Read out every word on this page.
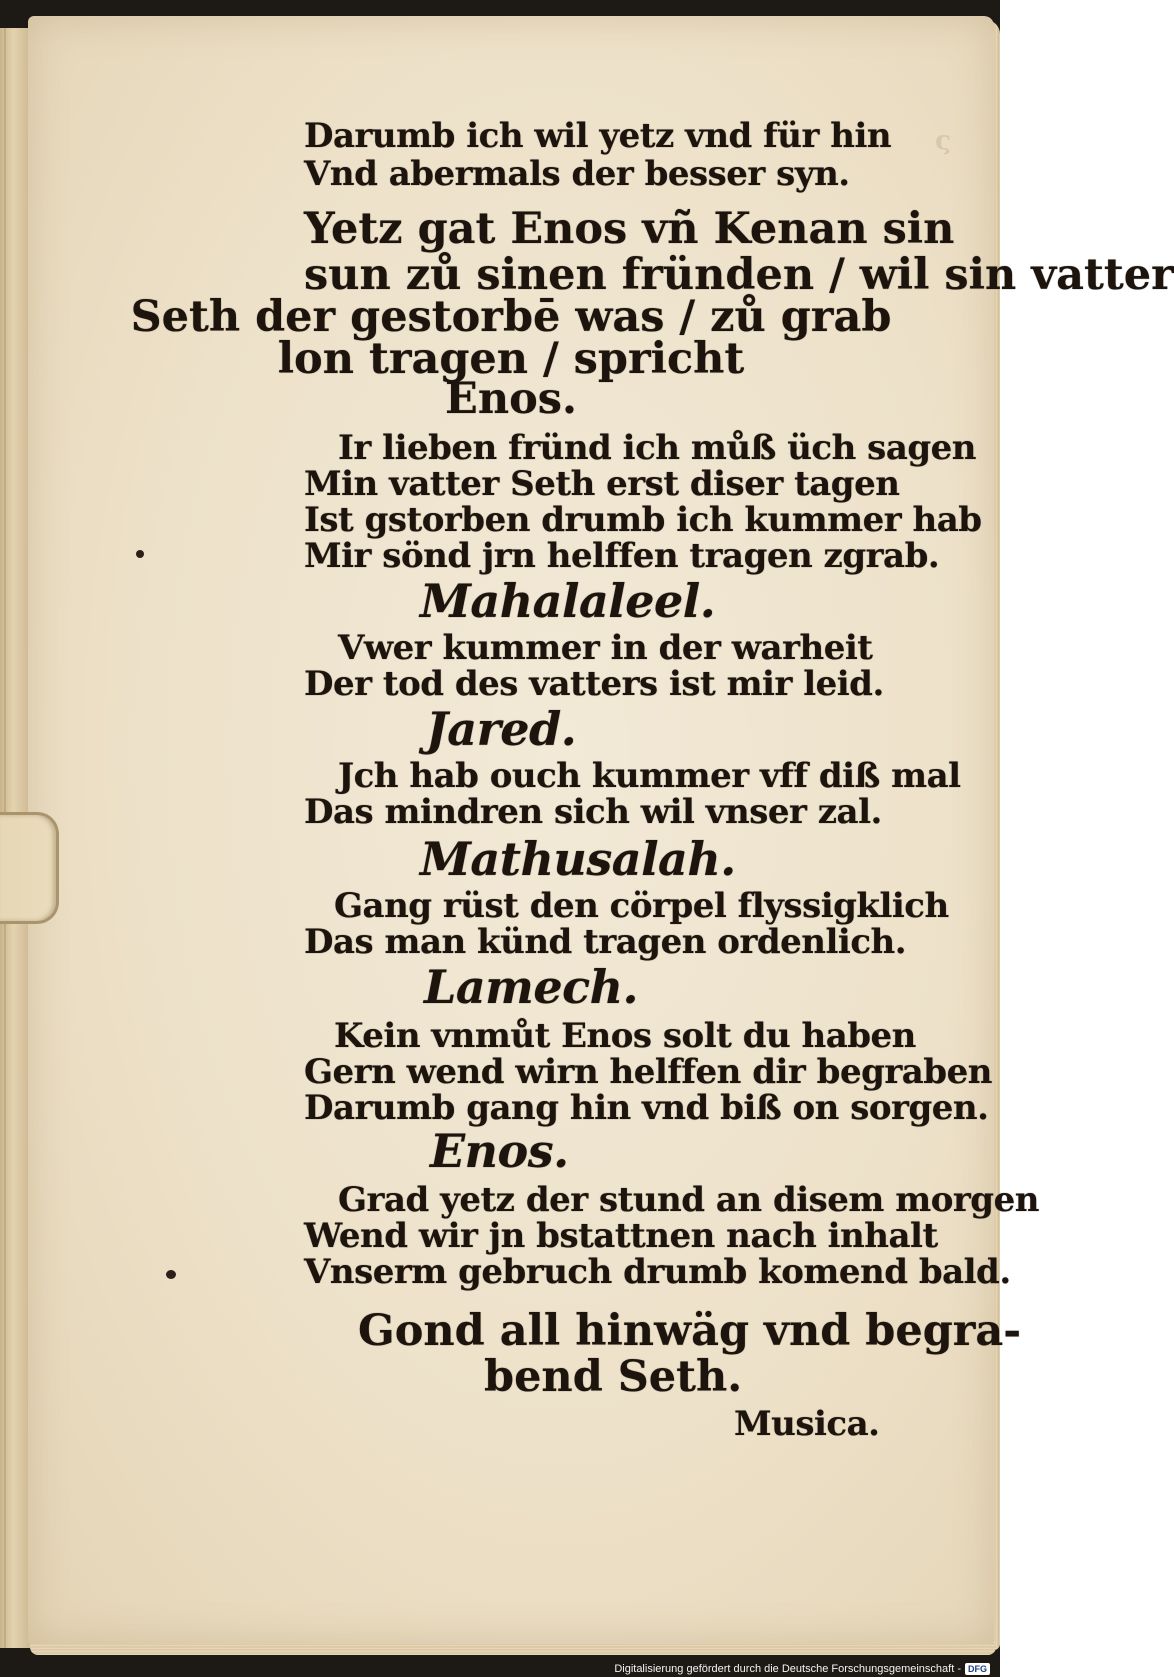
ς
Darumb ich wil yetz vnd für hin
Vnd abermals der besser syn.
Yetz gat Enos vñ Kenan sin
sun zů sinen fründen / wil sin vatter
Seth der gestorbē was / zů grab
lon tragen / spricht
Enos.
Ir lieben fründ ich můß üch sagen
Min vatter Seth erst diser tagen
Ist gstorben drumb ich kummer hab
Mir sönd jrn helffen tragen zgrab.
Mahalaleel.
Vwer kummer in der warheit
Der tod des vatters ist mir leid.
Jared.
Jch hab ouch kummer vff diß mal
Das mindren sich wil vnser zal.
Mathusalah.
Gang rüst den cörpel flyssigklich
Das man künd tragen ordenlich.
Lamech.
Kein vnmůt Enos solt du haben
Gern wend wirn helffen dir begraben
Darumb gang hin vnd biß on sorgen.
Enos.
Grad yetz der stund an disem morgen
Wend wir jn bstattnen nach inhalt
Vnserm gebruch drumb komend bald.
Gond all hinwäg vnd begra-
bend Seth.
Musica.
Digitalisierung gefördert durch die Deutsche Forschungsgemeinschaft - DFG
